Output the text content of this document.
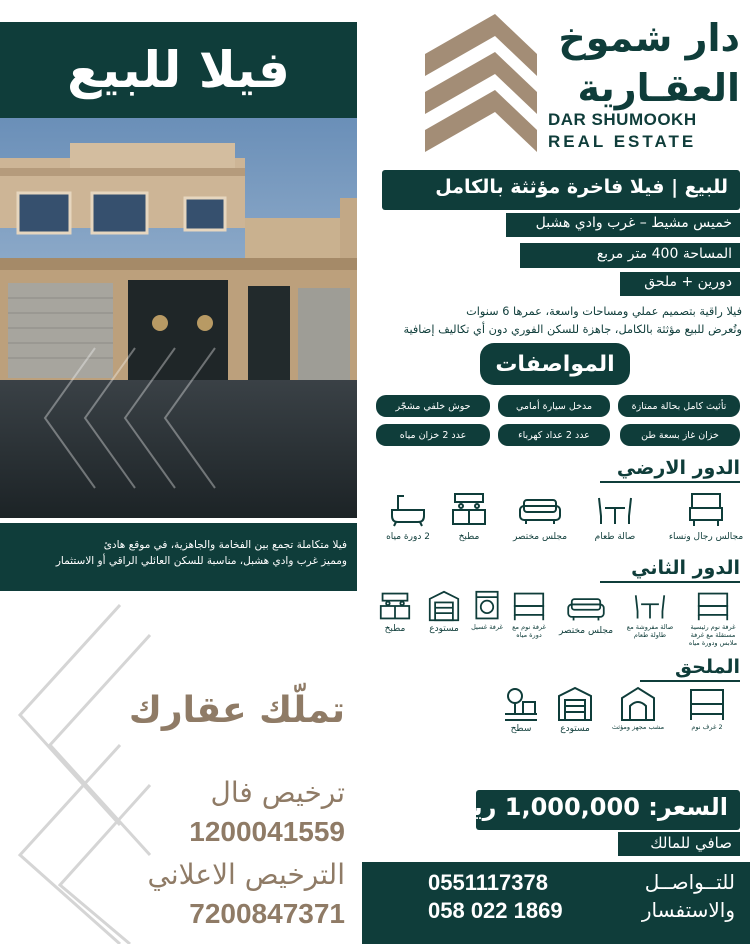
فيلا للبيع
فيلا متكاملة تجمع بين الفخامة والجاهزية، في موقع هادئ
ومميز غرب وادي هشبل، مناسبة للسكن العائلي الراقي أو الاستثمار
تملّك عقارك
ترخيص فال
1200041559
الترخيص الاعلاني
7200847371
دار شموخ
العقـارية
DAR SHUMOOKH
REAL ESTATE
للبيع | فيلا فاخرة مؤثثة بالكامل
خميس مشيط – غرب وادي هشبل
المساحة 400 متر مربع
دورين + ملحق
فيلا راقية بتصميم عملي ومساحات واسعة، عمرها 6 سنوات
وتُعرض للبيع مؤثثة بالكامل، جاهزة للسكن الفوري دون أي تكاليف إضافية
المواصفات
تأثيث كامل بحالة ممتازة
مدخل سيارة أمامي
حوش خلفي مشجّر
خزان غاز بسعة طن
عدد 2 عداد كهرباء
عدد 2 خزان مياه
الدور الارضي
مجالس رجال ونساء
صالة طعام
مجلس مختصر
مطبخ
2 دورة مياه
الدور الثاني
غرفة نوم رئيسية مستقلة مع غرفة ملابس ودورة مياه
صالة مفروشة مع طاولة طعام
مجلس مختصر
غرفة نوم مع دورة مياه
غرفة غسيل
مستودع
مطبخ
الملحق
2 غرف نوم
مشب مجهز ومؤثث
مستودع
سطح
السعر: 1,000,000 ريال
صافي للمالك
للتــواصــل
والاستفسار
0551117378
058 022 1869
